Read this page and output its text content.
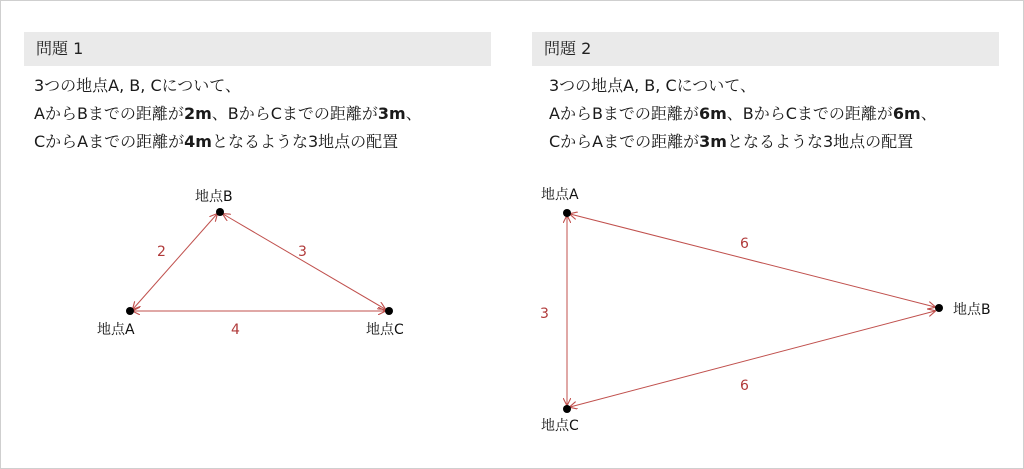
問題 1
3つの地点A, B, Cについて、
AからBまでの距離が2m、BからCまでの距離が3m、
CからAまでの距離が4mとなるような3地点の配置
問題 2
3つの地点A, B, Cについて、
AからBまでの距離が6m、BからCまでの距離が6m、
CからAまでの距離が3mとなるような3地点の配置
地点A
地点B
地点C
2	3
4
地点A
地点B
地点C
6
6
3
